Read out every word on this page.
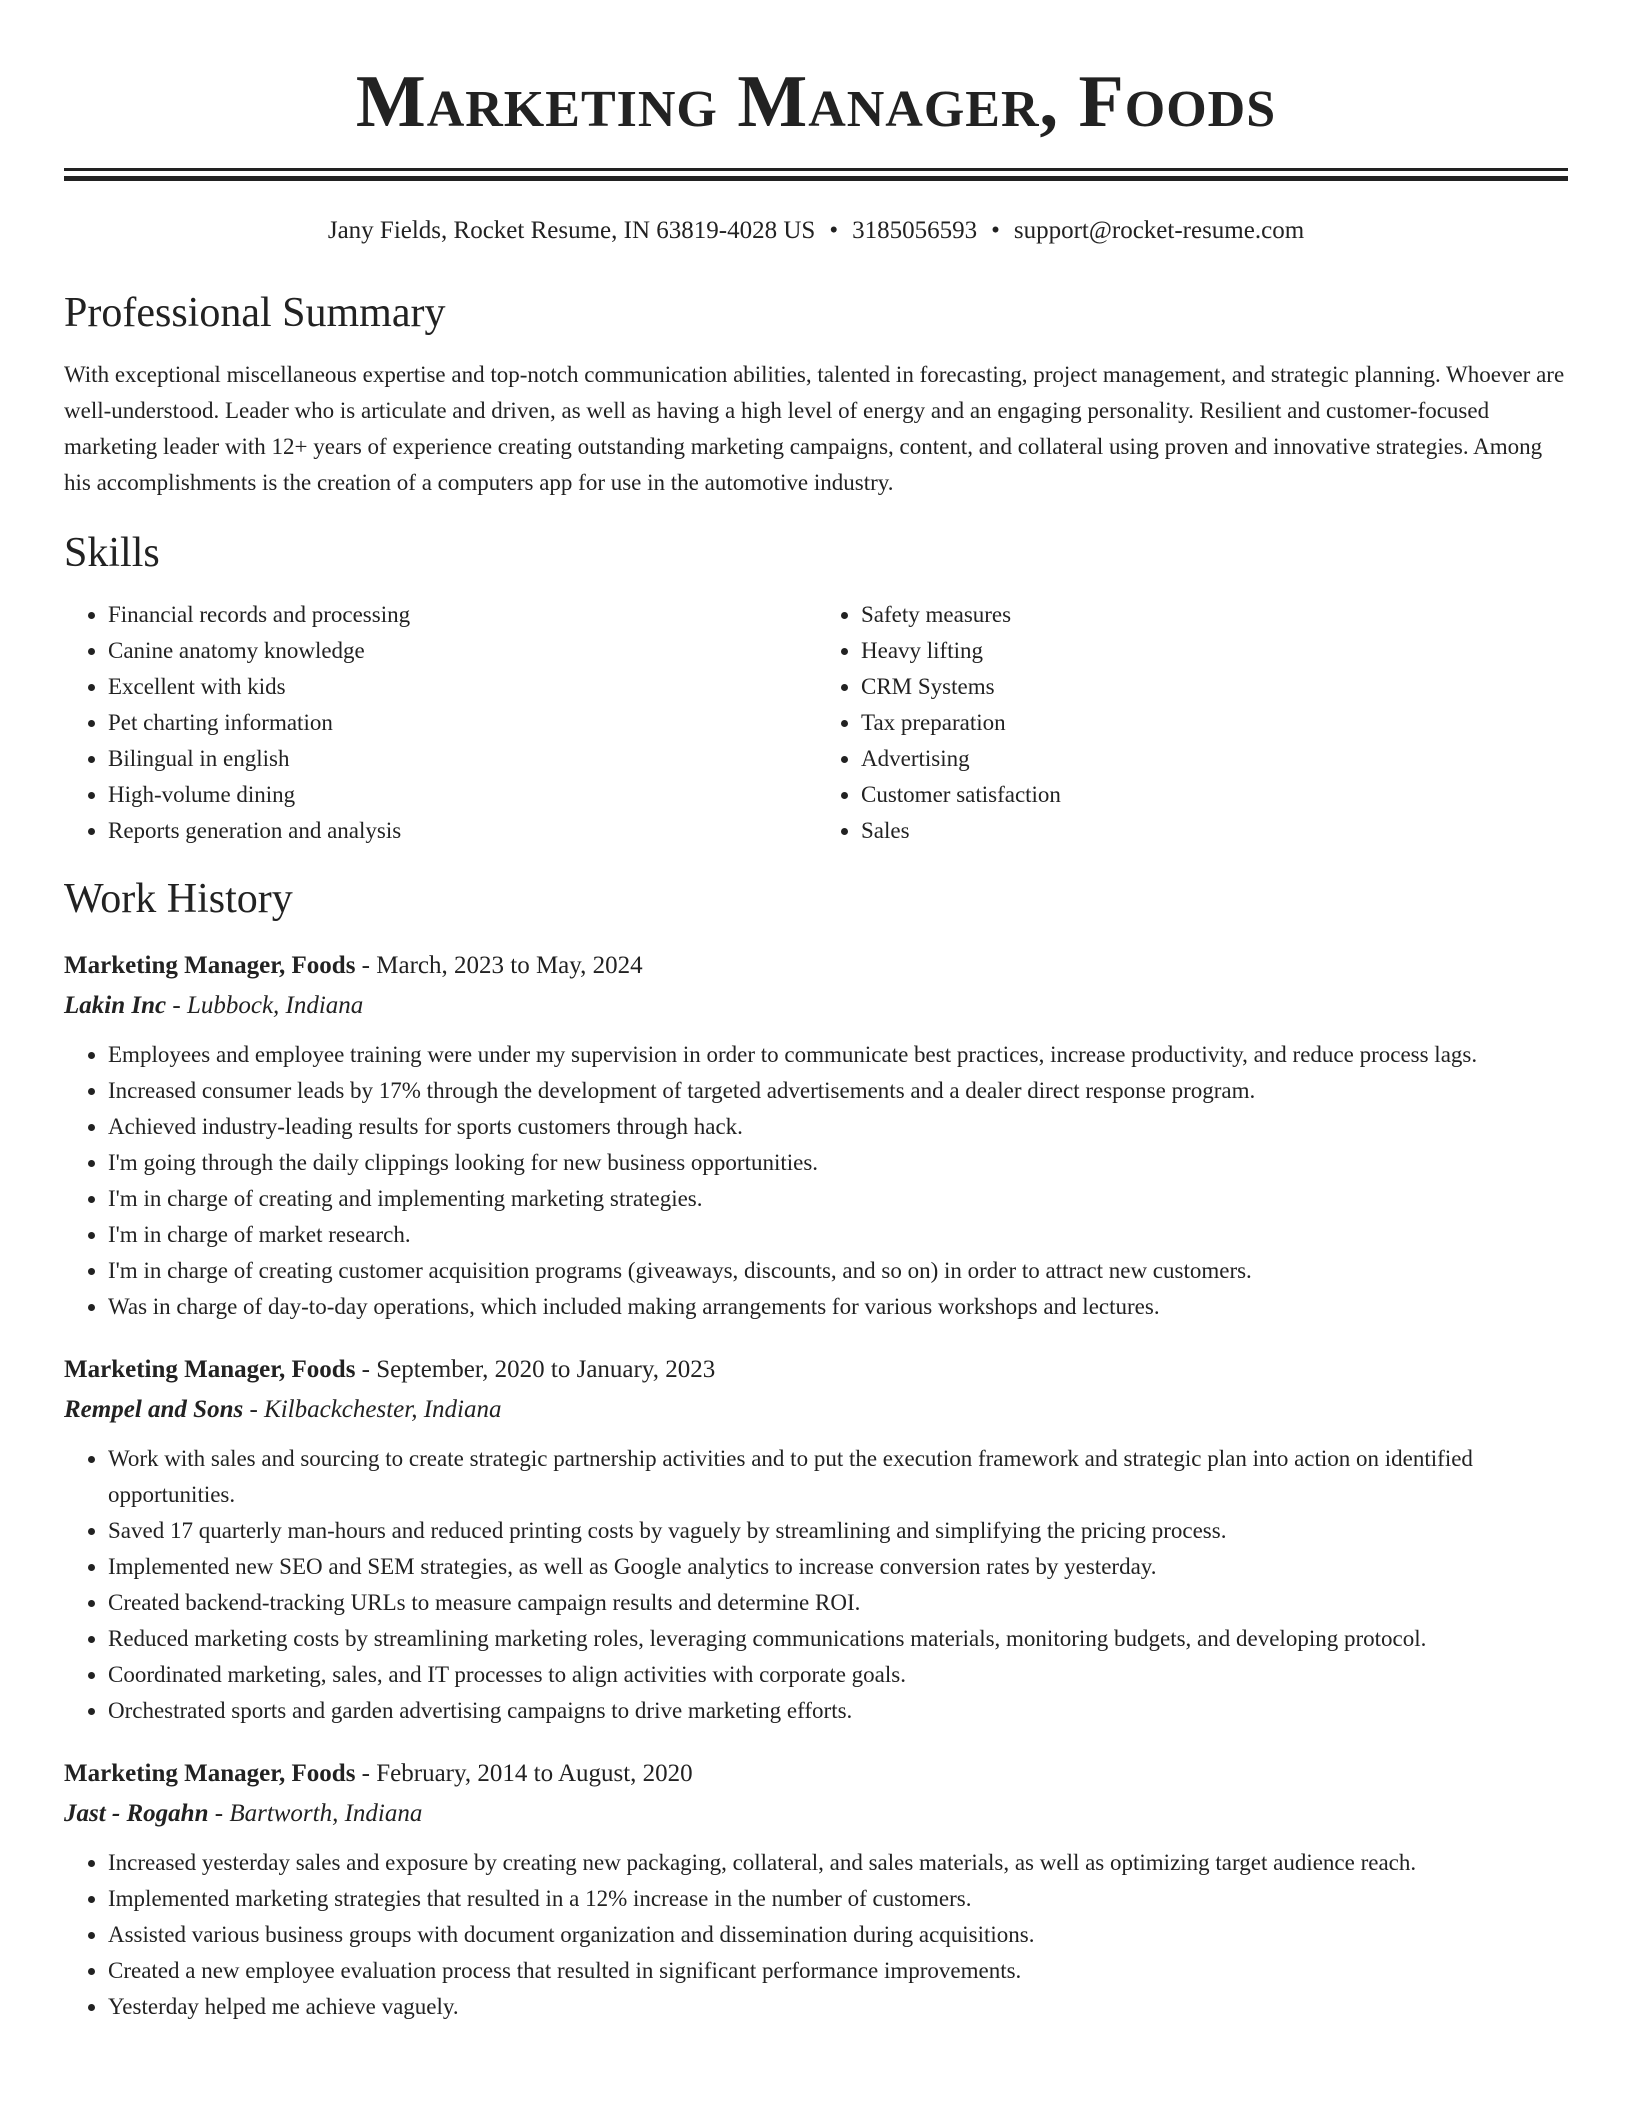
Marketing Manager, Foods
Jany Fields, Rocket Resume, IN 63819-4028 US • 3185056593 • support@rocket-resume.com
Professional Summary

With exceptional miscellaneous expertise and top-notch communication abilities, talented in forecasting, project management, and strategic planning. Whoever are well-understood. Leader who is articulate and driven, as well as having a high level of energy and an engaging personality. Resilient and customer-focused marketing leader with 12+ years of experience creating outstanding marketing campaigns, content, and collateral using proven and innovative strategies. Among his accomplishments is the creation of a computers app for use in the automotive industry.

Skills
• Financial records and processing
• Canine anatomy knowledge
• Excellent with kids
• Pet charting information
• Bilingual in english
• High-volume dining
• Reports generation and analysis
• Safety measures
• Heavy lifting
• CRM Systems
• Tax preparation
• Advertising
• Customer satisfaction
• Sales
Work History
Marketing Manager, Foods - March, 2023 to May, 2024
Lakin Inc - Lubbock, Indiana
• Employees and employee training were under my supervision in order to communicate best practices, increase productivity, and reduce process lags.
• Increased consumer leads by 17% through the development of targeted advertisements and a dealer direct response program.
• Achieved industry-leading results for sports customers through hack.
• I'm going through the daily clippings looking for new business opportunities.
• I'm in charge of creating and implementing marketing strategies.
• I'm in charge of market research.
• I'm in charge of creating customer acquisition programs (giveaways, discounts, and so on) in order to attract new customers.
• Was in charge of day-to-day operations, which included making arrangements for various workshops and lectures.
Marketing Manager, Foods - September, 2020 to January, 2023
Rempel and Sons - Kilbackchester, Indiana
• Work with sales and sourcing to create strategic partnership activities and to put the execution framework and strategic plan into action on identified opportunities.
• Saved 17 quarterly man-hours and reduced printing costs by vaguely by streamlining and simplifying the pricing process.
• Implemented new SEO and SEM strategies, as well as Google analytics to increase conversion rates by yesterday.
• Created backend-tracking URLs to measure campaign results and determine ROI.
• Reduced marketing costs by streamlining marketing roles, leveraging communications materials, monitoring budgets, and developing protocol.
• Coordinated marketing, sales, and IT processes to align activities with corporate goals.
• Orchestrated sports and garden advertising campaigns to drive marketing efforts.
Marketing Manager, Foods - February, 2014 to August, 2020
Jast - Rogahn - Bartworth, Indiana
• Increased yesterday sales and exposure by creating new packaging, collateral, and sales materials, as well as optimizing target audience reach.
• Implemented marketing strategies that resulted in a 12% increase in the number of customers.
• Assisted various business groups with document organization and dissemination during acquisitions.
• Created a new employee evaluation process that resulted in significant performance improvements.
• Yesterday helped me achieve vaguely.
